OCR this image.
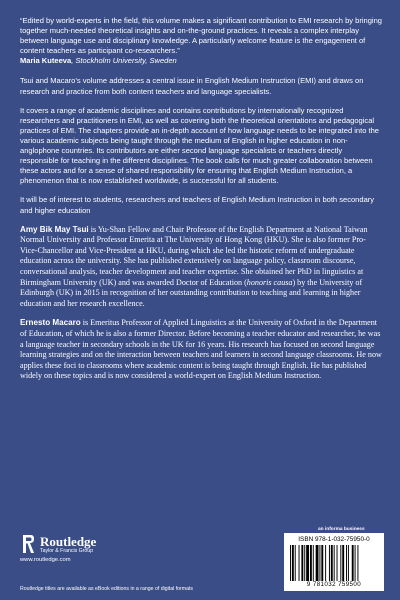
“Edited by world-experts in the field, this volume makes a significant contribution to EMI research by bringing together much-needed theoretical insights and on-the-ground practices. It reveals a complex interplay between language use and disciplinary knowledge. A particularly welcome feature is the engagement of content teachers as participant co-researchers.”
Maria Kuteeva, Stockholm University, Sweden

Tsui and Macaro’s volume addresses a central issue in English Medium Instruction (EMI) and draws on research and practice from both content teachers and language specialists.

It covers a range of academic disciplines and contains contributions by internationally recognized researchers and practitioners in EMI, as well as covering both the theoretical orientations and pedagogical practices of EMI. The chapters provide an in-depth account of how language needs to be integrated into the various academic subjects being taught through the medium of English in higher education in non-anglophone countries. Its contributors are either second language specialists or teachers directly responsible for teaching in the different disciplines. The book calls for much greater collaboration between these actors and for a sense of shared responsibility for ensuring that English Medium Instruction, a phenomenon that is now established worldwide, is successful for all students.

It will be of interest to students, researchers and teachers of English Medium Instruction in both secondary and higher education

Amy Bik May Tsui is Yu-Shan Fellow and Chair Professor of the English Department at National Taiwan Normal University and Professor Emerita at The University of Hong Kong (HKU). She is also former Pro-Vice-Chancellor and Vice-President at HKU, during which she led the historic reform of undergraduate education across the university. She has published extensively on language policy, classroom discourse, conversational analysis, teacher development and teacher expertise. She obtained her PhD in linguistics at Birmingham University (UK) and was awarded Doctor of Education (honoris causa) by the University of Edinburgh (UK) in 2015 in recognition of her outstanding contribution to teaching and learning in higher education and her research excellence.

Ernesto Macaro is Emeritus Professor of Applied Linguistics at the University of Oxford in the Department of Education, of which he is also a former Director. Before becoming a teacher educator and researcher, he was a language teacher in secondary schools in the UK for 16 years. His research has focused on second language learning strategies and on the interaction between teachers and learners in second language classrooms. He now applies these foci to classrooms where academic content is being taught through English. He has published widely on these topics and is now considered a world-expert on English Medium Instruction.

Routledge
Taylor & Francis Group
www.routledge.com
Routledge titles are available as eBook editions in a range of digital formats
an informa business
ISBN 978-1-032-75950-0
9 781032 759500
